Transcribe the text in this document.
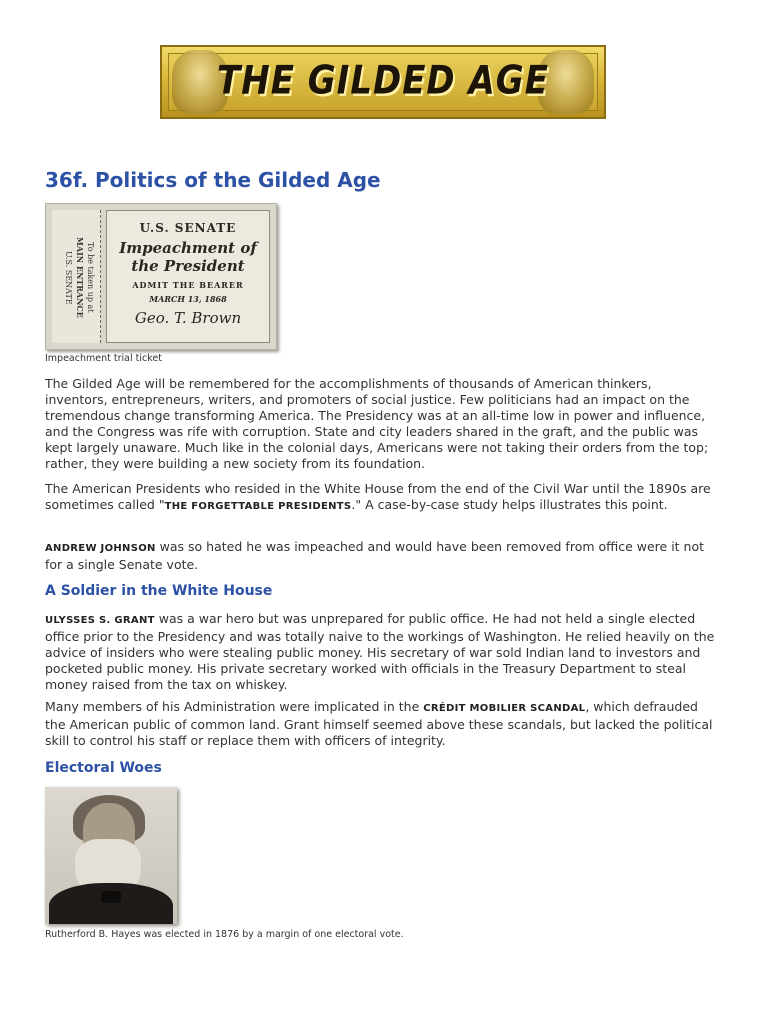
THE GILDED AGE
36f. Politics of the Gilded Age
To be taken up at
MAIN ENTRANCE
U.S. SENATE
U.S. SENATE
Impeachment of the President
ADMIT THE BEARER
MARCH 13, 1868
Geo. T. Brown

Impeachment trial ticket

The Gilded Age will be remembered for the accomplishments of thousands of American thinkers, inventors, entrepreneurs, writers, and promoters of social justice. Few politicians had an impact on the tremendous change transforming America. The Presidency was at an all-time low in power and influence, and the Congress was rife with corruption. State and city leaders shared in the graft, and the public was kept largely unaware. Much like in the colonial days, Americans were not taking their orders from the top; rather, they were building a new society from its foundation.

The American Presidents who resided in the White House from the end of the Civil War until the 1890s are sometimes called "THE FORGETTABLE PRESIDENTS." A case-by-case study helps illustrates this point.

ANDREW JOHNSON was so hated he was impeached and would have been removed from office were it not for a single Senate vote.

A Soldier in the White House

ULYSSES S. GRANT was a war hero but was unprepared for public office. He had not held a single elected office prior to the Presidency and was totally naive to the workings of Washington. He relied heavily on the advice of insiders who were stealing public money. His secretary of war sold Indian land to investors and pocketed public money. His private secretary worked with officials in the Treasury Department to steal money raised from the tax on whiskey.

Many members of his Administration were implicated in the CRÉDIT MOBILIER SCANDAL, which defrauded the American public of common land. Grant himself seemed above these scandals, but lacked the political skill to control his staff or replace them with officers of integrity.

Electoral Woes

Rutherford B. Hayes was elected in 1876 by a margin of one electoral vote.
